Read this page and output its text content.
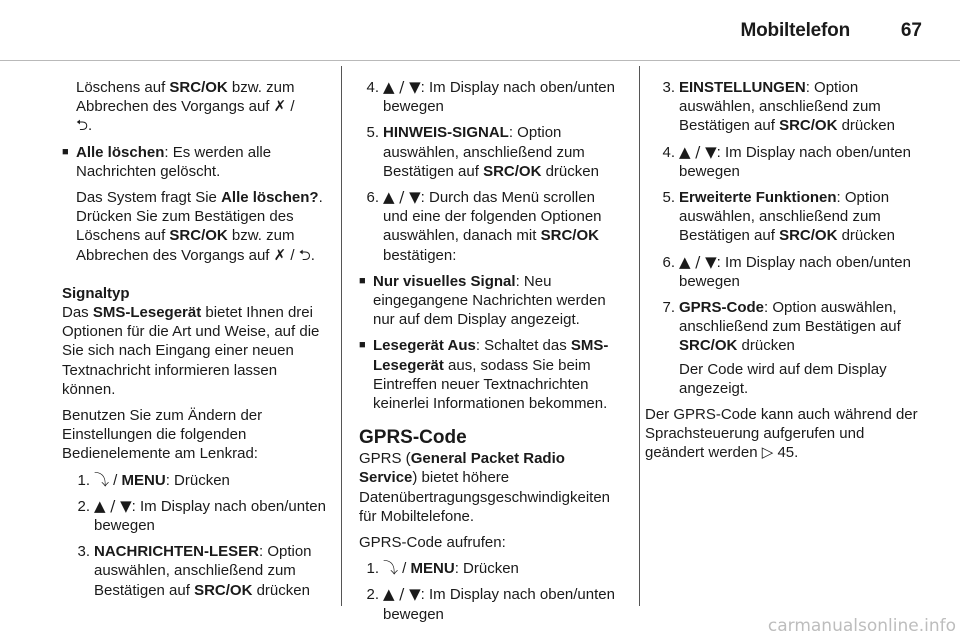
Mobiltelefon	67

Löschens auf SRC/OK bzw. zum Abbrechen des Vorgangs auf ✗ /
⮌.

■ Alle löschen: Es werden alle Nachrichten gelöscht.

Das System fragt Sie Alle löschen?. Drücken Sie zum Bestätigen des Löschens auf SRC/OK bzw. zum Abbrechen des Vorgangs auf ✗ / ⮌.

Signaltyp

Das SMS-Lesegerät bietet Ihnen drei Optionen für die Art und Weise, auf die Sie sich nach Eingang einer neuen Textnachricht informieren lassen können.

Benutzen Sie zum Ändern der Einstellungen die folgenden Bedienelemente am Lenkrad:

1. ⤵ / MENU: Drücken
2. ▲ / ▼: Im Display nach oben/unten bewegen
3. NACHRICHTEN-LESER: Option auswählen, anschließend zum Bestätigen auf SRC/OK drücken
4. ▲ / ▼: Im Display nach oben/unten bewegen
5. HINWEIS-SIGNAL: Option auswählen, anschließend zum Bestätigen auf SRC/OK drücken
6. ▲ / ▼: Durch das Menü scrollen und eine der folgenden Optionen auswählen, danach mit SRC/OK bestätigen:
■ Nur visuelles Signal: Neu eingegangene Nachrichten werden nur auf dem Display angezeigt.
■ Lesegerät Aus: Schaltet das SMS-Lesegerät aus, sodass Sie beim Eintreffen neuer Textnachrichten keinerlei Informationen bekommen.

GPRS-Code

GPRS (General Packet Radio Service) bietet höhere Datenübertragungsgeschwindigkeiten für Mobiltelefone.

GPRS-Code aufrufen:

1. ⤵ / MENU: Drücken
2. ▲ / ▼: Im Display nach oben/unten bewegen
3. EINSTELLUNGEN: Option auswählen, anschließend zum Bestätigen auf SRC/OK drücken
4. ▲ / ▼: Im Display nach oben/unten bewegen
5. Erweiterte Funktionen: Option auswählen, anschließend zum Bestätigen auf SRC/OK drücken
6. ▲ / ▼: Im Display nach oben/unten bewegen
7. GPRS-Code: Option auswählen, anschließend zum Bestätigen auf SRC/OK drücken

Der Code wird auf dem Display angezeigt.

Der GPRS-Code kann auch während der Sprachsteuerung aufgerufen und geändert werden ▷ 45.

carmanualsonline.info
